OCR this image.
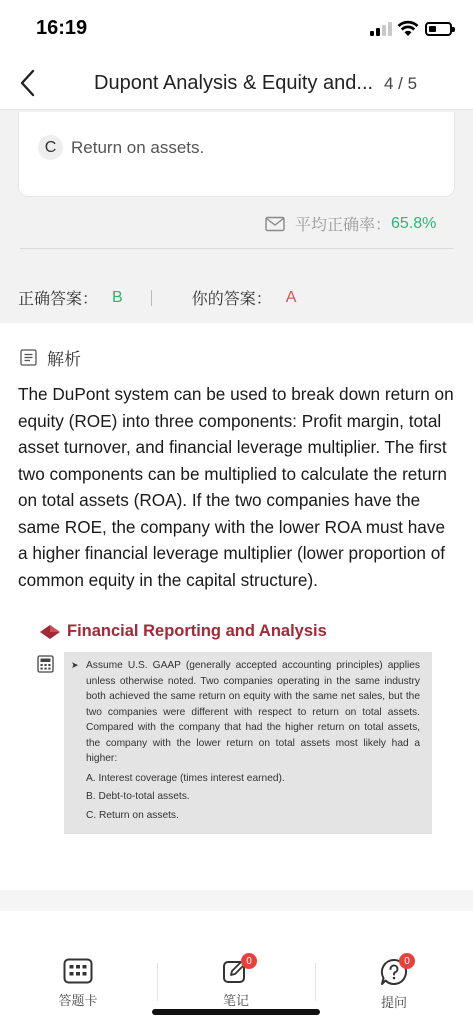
16:19
Dupont Analysis & Equity and... 4 / 5
C Return on assets.
平均正确率： 65.8%
正确答案： B	你的答案： A
解析
The DuPont system can be used to break down return on equity (ROE) into three components: Profit margin, total asset turnover, and financial leverage multiplier. The first two components can be multiplied to calculate the return on total assets (ROA). If the two companies have the same ROE, the company with the lower ROA must have a higher financial leverage multiplier (lower proportion of common equity in the capital structure).
Financial Reporting and Analysis
➤ Assume U.S. GAAP (generally accepted accounting principles) applies unless otherwise noted. Two companies operating in the same industry both achieved the same return on equity with the same net sales, but the two companies were different with respect to return on total assets. Compared with the company that had the higher return on total assets, the company with the lower return on total assets most likely had a higher:
A. Interest coverage (times interest earned).
B. Debt-to-total assets.
C. Return on assets.
答题卡	笔记
0
提问
0
